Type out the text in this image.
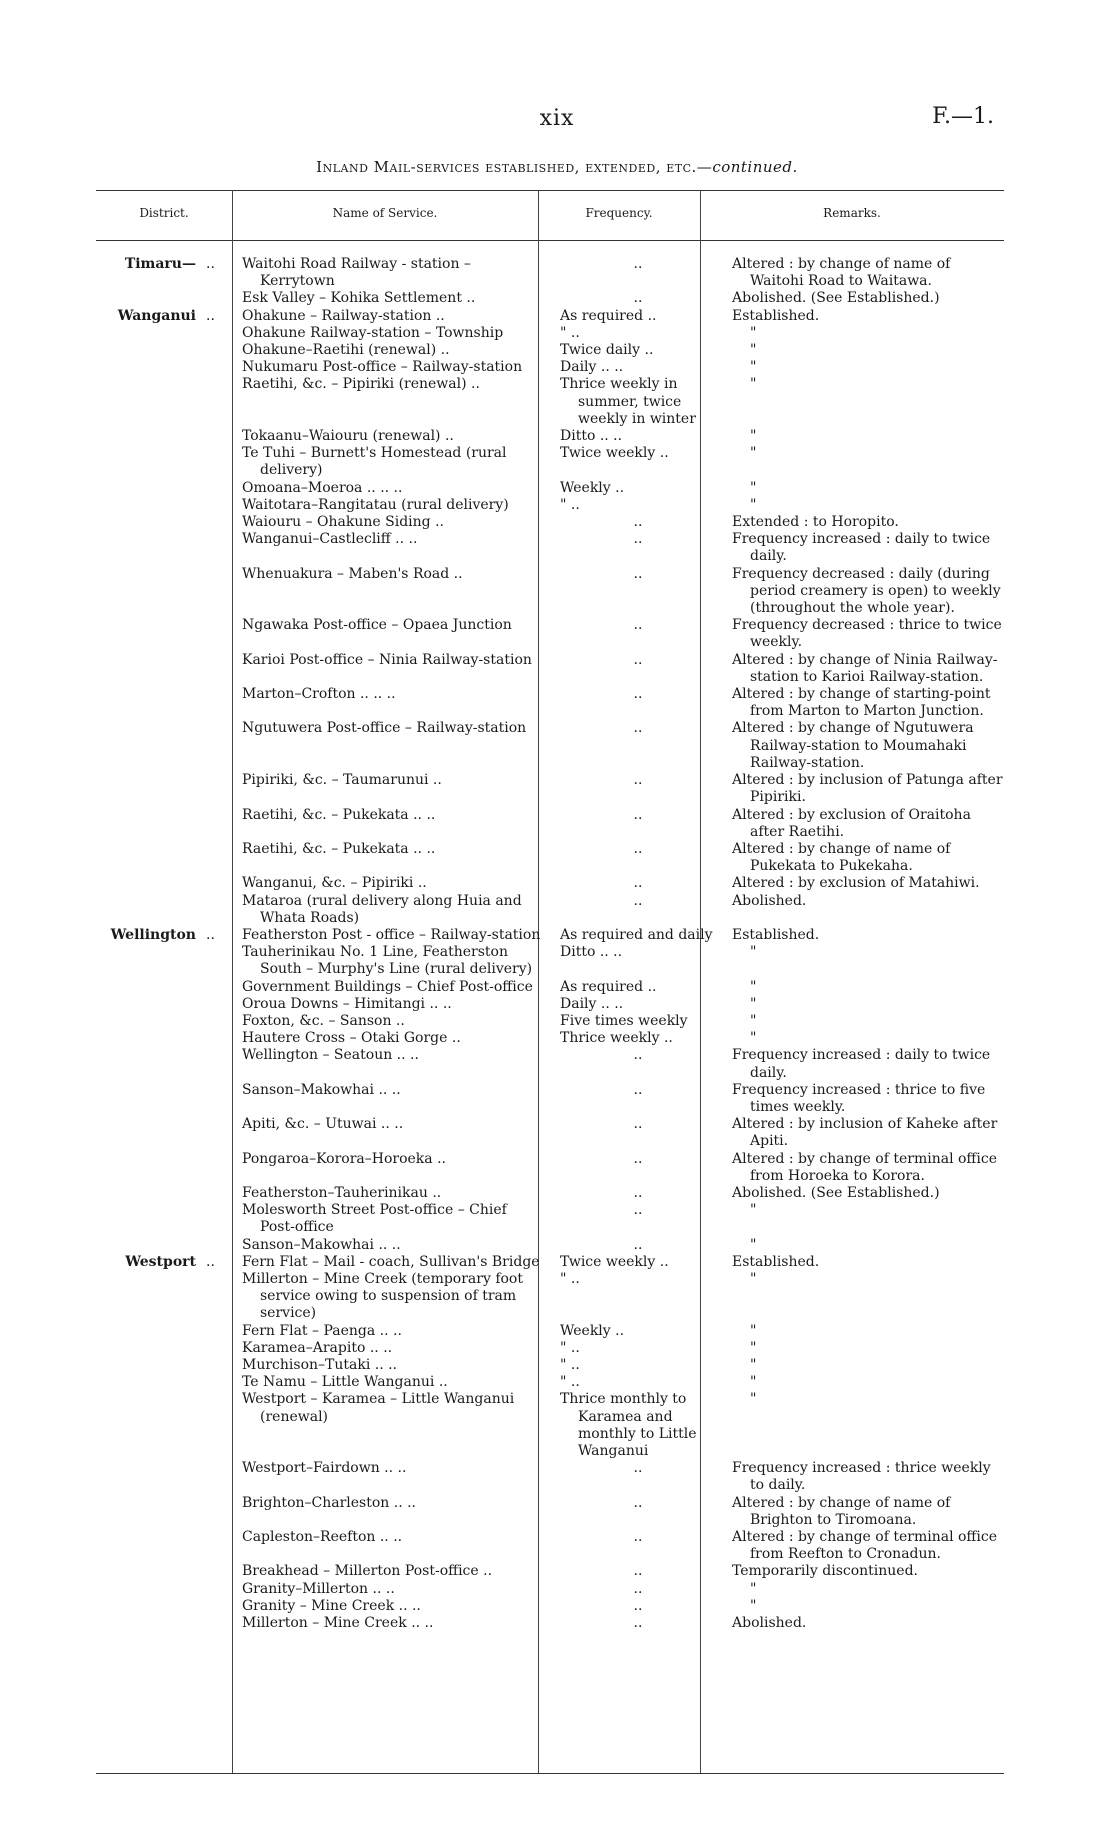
xix	F.—1.
Inland Mail-services established, extended, etc.—continued.
District.	Name of Service.	Frequency.	Remarks.
Timaru— ..	Waitohi Road Railway - station – Kerrytown	..	Altered : by change of name of Waitohi Road to Waitawa.

	Esk Valley – Kohika Settlement ..	..	Abolished. (See Established.)

Wanganui ..	Ohakune – Railway-station ..	As required ..	Established.

	Ohakune Railway-station – Township	" ..	"

	Ohakune–Raetihi (renewal) ..	Twice daily ..	"

	Nukumaru Post-office – Railway-station	Daily .. ..	"

	Raetihi, &c. – Pipiriki (renewal) ..	Thrice weekly in summer, twice weekly in winter	"

	Tokaanu–Waiouru (renewal) ..	Ditto .. ..	"

	Te Tuhi – Burnett's Homestead (rural delivery)	Twice weekly ..	"

	Omoana–Moeroa .. .. ..	Weekly ..	"

	Waitotara–Rangitatau (rural delivery)	" ..	"

	Waiouru – Ohakune Siding ..	..	Extended : to Horopito.

	Wanganui–Castlecliff .. ..	..	Frequency increased : daily to twice daily.

	Whenuakura – Maben's Road ..	..	Frequency decreased : daily (during period creamery is open) to weekly (throughout the whole year).

	Ngawaka Post-office – Opaea Junction	..	Frequency decreased : thrice to twice weekly.

	Karioi Post-office – Ninia Railway-station	..	Altered : by change of Ninia Railway-station to Karioi Railway-station.

	Marton–Crofton .. .. ..	..	Altered : by change of starting-point from Marton to Marton Junction.

	Ngutuwera Post-office – Railway-station	..	Altered : by change of Ngutuwera Railway-station to Moumahaki Railway-station.

	Pipiriki, &c. – Taumarunui ..	..	Altered : by inclusion of Patunga after Pipiriki.

	Raetihi, &c. – Pukekata .. ..	..	Altered : by exclusion of Oraitoha after Raetihi.

	Raetihi, &c. – Pukekata .. ..	..	Altered : by change of name of Pukekata to Pukekaha.

	Wanganui, &c. – Pipiriki ..	..	Altered : by exclusion of Matahiwi.

	Mataroa (rural delivery along Huia and Whata Roads)	..	Abolished.

Wellington ..	Featherston Post - office – Railway-station	As required and daily	Established.

	Tauherinikau No. 1 Line, Featherston South – Murphy's Line (rural delivery)	Ditto .. ..	"

	Government Buildings – Chief Post-office	As required ..	"

	Oroua Downs – Himitangi .. ..	Daily .. ..	"

	Foxton, &c. – Sanson ..	Five times weekly	"

	Hautere Cross – Otaki Gorge ..	Thrice weekly ..	"

	Wellington – Seatoun .. ..	..	Frequency increased : daily to twice daily.

	Sanson–Makowhai .. ..	..	Frequency increased : thrice to five times weekly.

	Apiti, &c. – Utuwai .. ..	..	Altered : by inclusion of Kaheke after Apiti.

	Pongaroa–Korora–Horoeka ..	..	Altered : by change of terminal office from Horoeka to Korora.

	Featherston–Tauherinikau ..	..	Abolished. (See Established.)

	Molesworth Street Post-office – Chief Post-office	..	"

	Sanson–Makowhai .. ..	..	"

Westport ..	Fern Flat – Mail - coach, Sullivan's Bridge	Twice weekly ..	Established.

	Millerton – Mine Creek (temporary foot service owing to suspension of tram service)	" ..	"

	Fern Flat – Paenga .. ..	Weekly ..	"

	Karamea–Arapito .. ..	" ..	"

	Murchison–Tutaki .. ..	" ..	"

	Te Namu – Little Wanganui ..	" ..	"

	Westport – Karamea – Little Wanganui (renewal)	Thrice monthly to Karamea and monthly to Little Wanganui	"

	Westport–Fairdown .. ..	..	Frequency increased : thrice weekly to daily.

	Brighton–Charleston .. ..	..	Altered : by change of name of Brighton to Tiromoana.

	Capleston–Reefton .. ..	..	Altered : by change of terminal office from Reefton to Cronadun.

	Breakhead – Millerton Post-office ..	..	Temporarily discontinued.

	Granity–Millerton .. ..	..	"

	Granity – Mine Creek .. ..	..	"

	Millerton – Mine Creek .. ..	..	Abolished.
